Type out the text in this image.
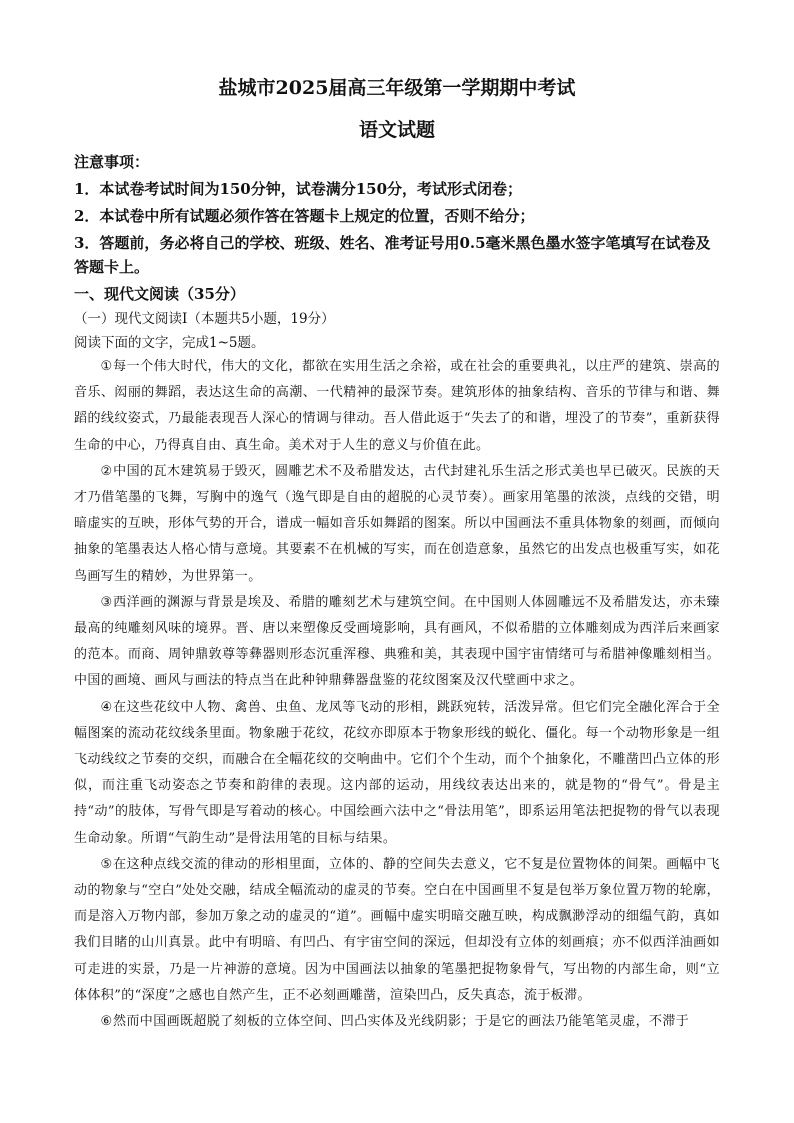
盐城市2025届高三年级第一学期期中考试
语文试题

注意事项：

1．本试卷考试时间为150分钟，试卷满分150分，考试形式闭卷；

2．本试卷中所有试题必须作答在答题卡上规定的位置，否则不给分；

3．答题前，务必将自己的学校、班级、姓名、准考证号用0.5毫米黑色墨水签字笔填写在试卷及答题卡上。

一、现代文阅读（35分）

（一）现代文阅读Ⅰ（本题共5小题，19分）

阅读下面的文字，完成1~5题。

①每一个伟大时代，伟大的文化，都欲在实用生活之余裕，或在社会的重要典礼，以庄严的建筑、崇高的音乐、闳丽的舞蹈，表达这生命的高潮、一代精神的最深节奏。建筑形体的抽象结构、音乐的节律与和谐、舞蹈的线纹姿式，乃最能表现吾人深心的情调与律动。吾人借此返于“失去了的和谐，埋没了的节奏”，重新获得生命的中心，乃得真自由、真生命。美术对于人生的意义与价值在此。

②中国的瓦木建筑易于毁灭，圆雕艺术不及希腊发达，古代封建礼乐生活之形式美也早已破灭。民族的天才乃借笔墨的飞舞，写胸中的逸气（逸气即是自由的超脱的心灵节奏）。画家用笔墨的浓淡，点线的交错，明暗虚实的互映，形体气势的开合，谱成一幅如音乐如舞蹈的图案。所以中国画法不重具体物象的刻画，而倾向抽象的笔墨表达人格心情与意境。其要素不在机械的写实，而在创造意象，虽然它的出发点也极重写实，如花鸟画写生的精妙，为世界第一。

③西洋画的渊源与背景是埃及、希腊的雕刻艺术与建筑空间。在中国则人体圆雕远不及希腊发达，亦未臻最高的纯雕刻风味的境界。晋、唐以来塑像反受画境影响，具有画风，不似希腊的立体雕刻成为西洋后来画家的范本。而商、周钟鼎敦尊等彝器则形态沉重浑穆、典雅和美，其表现中国宇宙情绪可与希腊神像雕刻相当。中国的画境、画风与画法的特点当在此种钟鼎彝器盘鉴的花纹图案及汉代壁画中求之。

④在这些花纹中人物、禽兽、虫鱼、龙凤等飞动的形相，跳跃宛转，活泼异常。但它们完全融化浑合于全幅图案的流动花纹线条里面。物象融于花纹，花纹亦即原本于物象形线的蜕化、僵化。每一个动物形象是一组飞动线纹之节奏的交织，而融合在全幅花纹的交响曲中。它们个个生动，而个个抽象化，不雕凿凹凸立体的形似，而注重飞动姿态之节奏和韵律的表现。这内部的运动，用线纹表达出来的，就是物的“骨气”。骨是主持“动”的肢体，写骨气即是写着动的核心。中国绘画六法中之“骨法用笔”，即系运用笔法把捉物的骨气以表现生命动象。所谓“气韵生动”是骨法用笔的目标与结果。

⑤在这种点线交流的律动的形相里面，立体的、静的空间失去意义，它不复是位置物体的间架。画幅中飞动的物象与“空白”处处交融，结成全幅流动的虚灵的节奏。空白在中国画里不复是包举万象位置万物的轮廓，而是溶入万物内部，参加万象之动的虚灵的“道”。画幅中虚实明暗交融互映，构成飘渺浮动的细缊气韵，真如我们目睹的山川真景。此中有明暗、有凹凸、有宇宙空间的深远，但却没有立体的刻画痕；亦不似西洋油画如可走进的实景，乃是一片神游的意境。因为中国画法以抽象的笔墨把捉物象骨气，写出物的内部生命，则“立体体积”的“深度”之感也自然产生，正不必刻画雕凿，渲染凹凸，反失真态，流于板滞。

⑥然而中国画既超脱了刻板的立体空间、凹凸实体及光线阴影；于是它的画法乃能笔笔灵虚，不滞于
